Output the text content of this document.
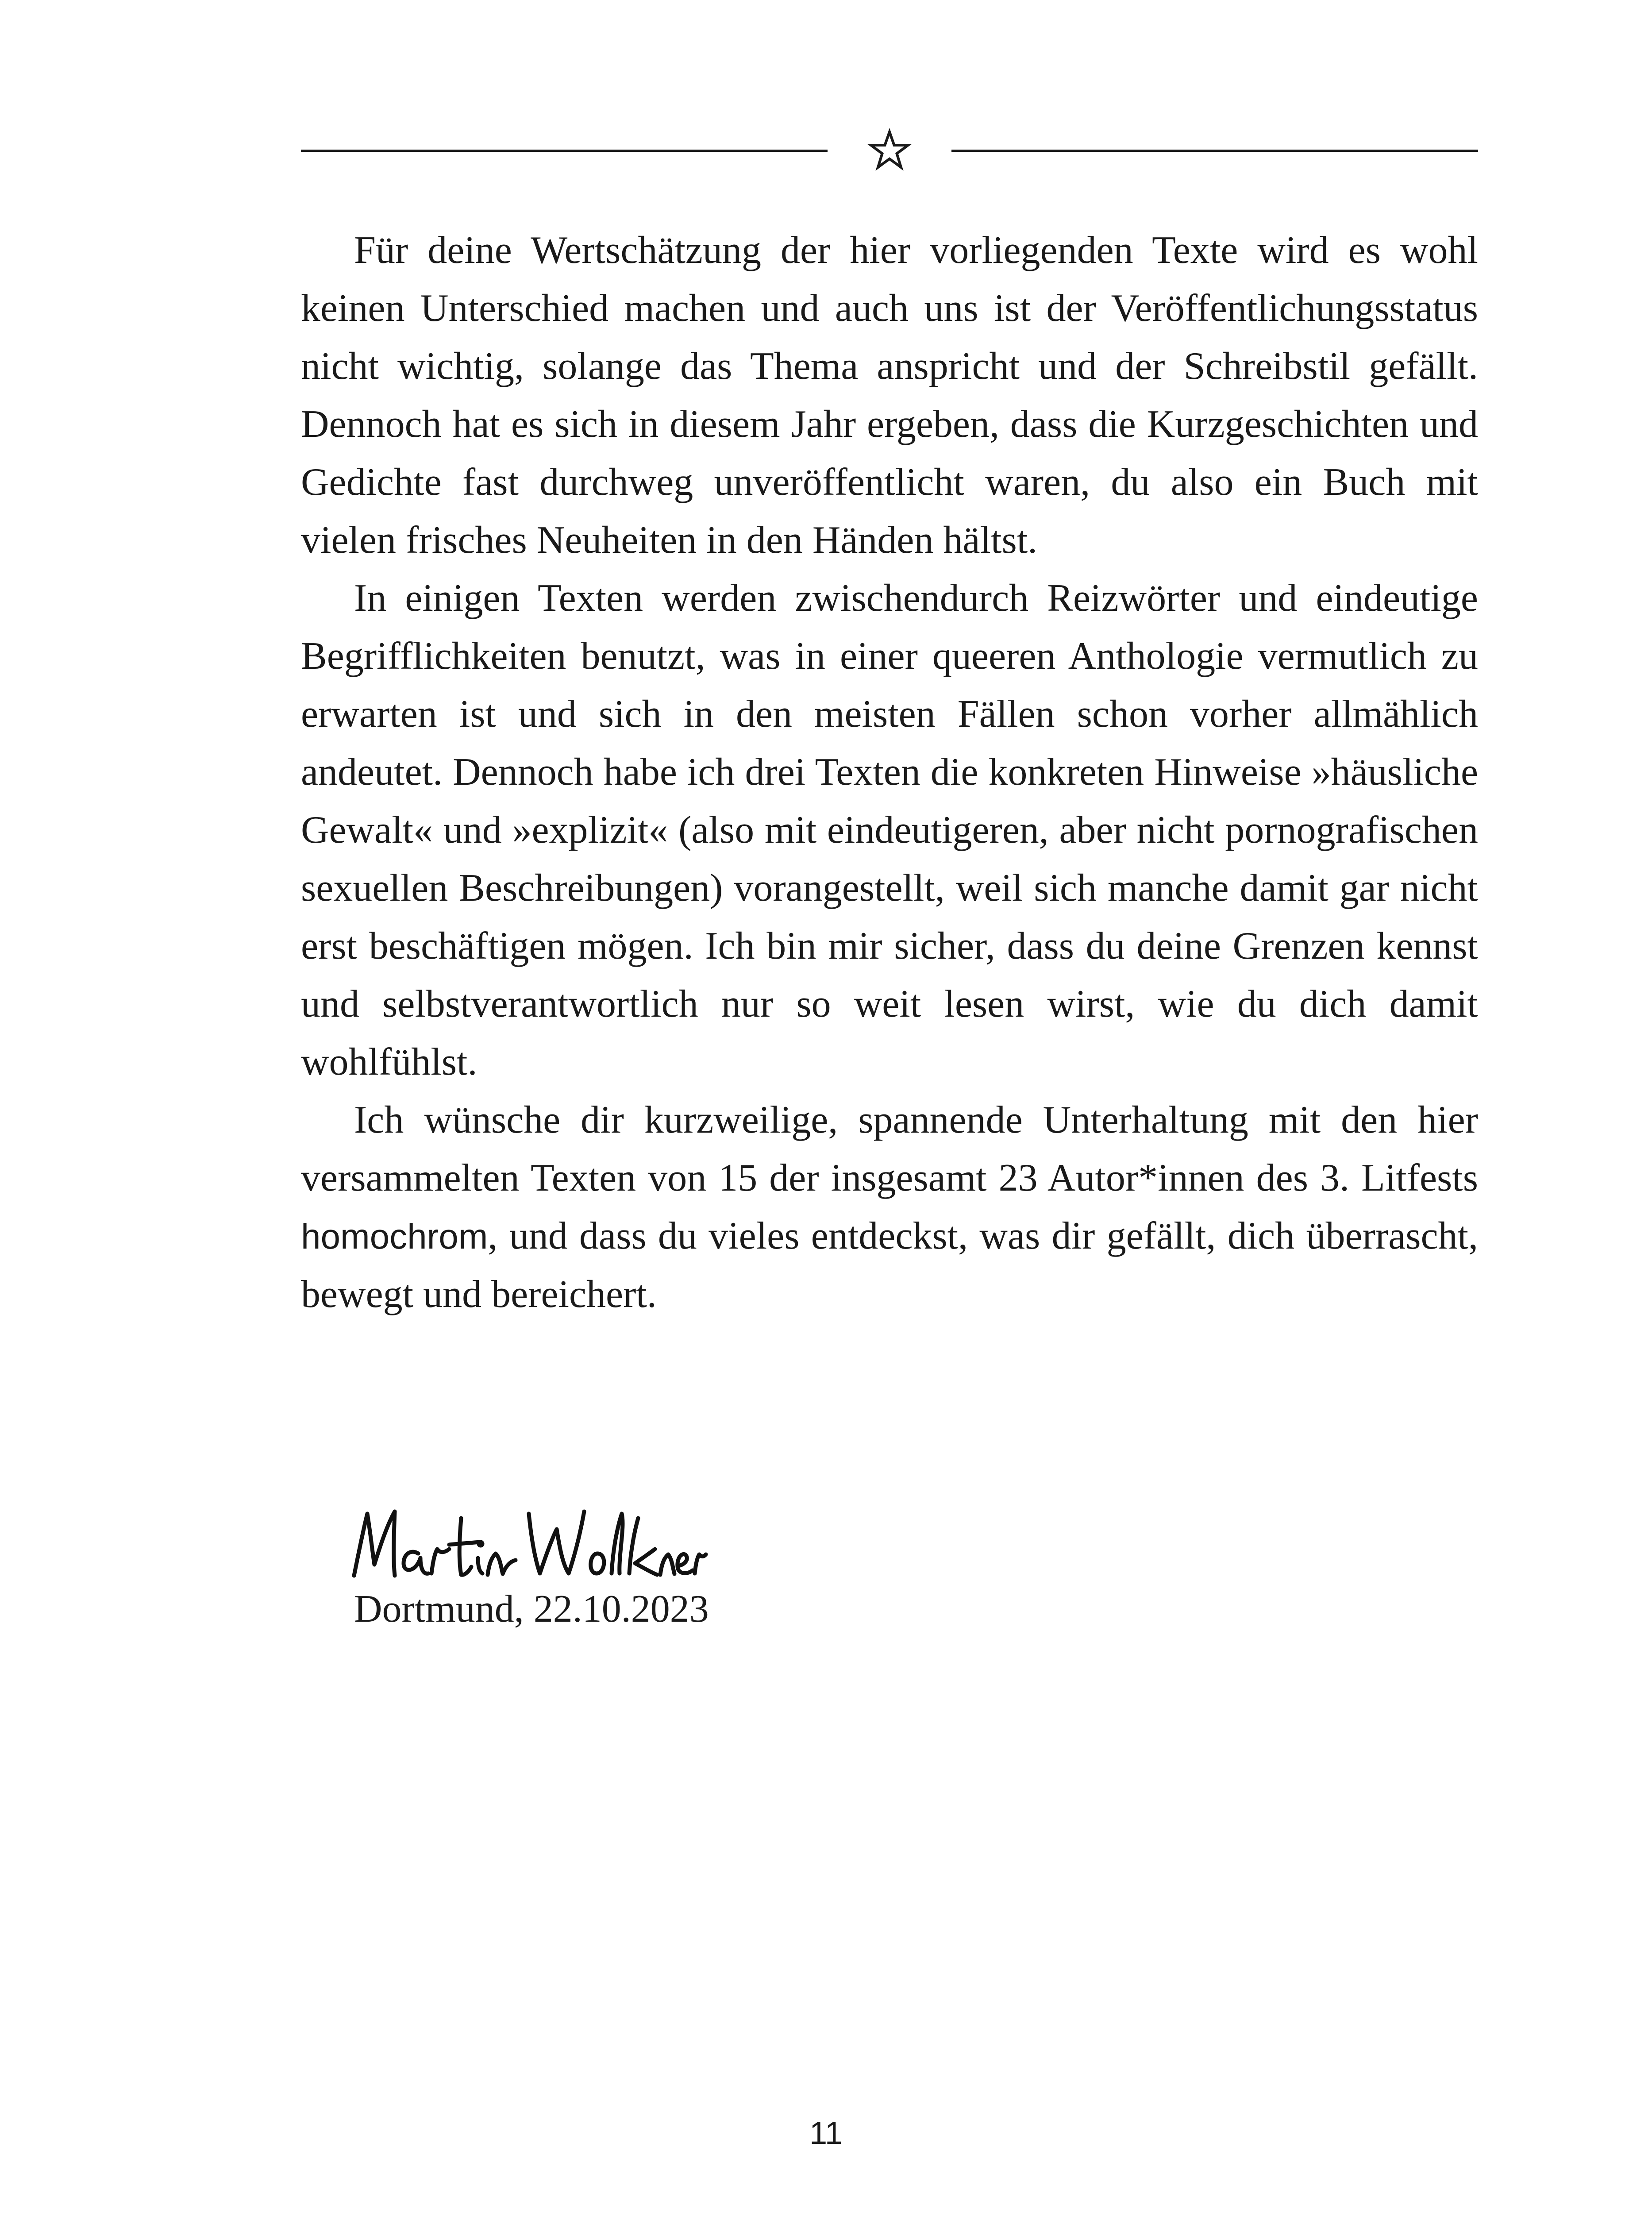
Für deine Wertschätzung der hier vorliegenden Texte wird es wohl keinen Unterschied machen und auch uns ist der Veröffentlichungsstatus nicht wichtig, solange das Thema anspricht und der Schreibstil gefällt. Dennoch hat es sich in diesem Jahr ergeben, dass die Kurzgeschichten und Gedichte fast durchweg unveröffentlicht waren, du also ein Buch mit vielen frisches Neuheiten in den Händen hältst.

In einigen Texten werden zwischendurch Reizwörter und eindeutige Begrifflichkeiten benutzt, was in einer queeren Anthologie vermutlich zu erwarten ist und sich in den meisten Fällen schon vorher allmählich andeutet. Dennoch habe ich drei Texten die konkreten Hinweise »häusliche Gewalt« und »explizit« (also mit eindeutigeren, aber nicht pornografischen sexuellen Beschreibungen) vorangestellt, weil sich manche damit gar nicht erst beschäftigen mögen. Ich bin mir sicher, dass du deine Grenzen kennst und selbstverantwortlich nur so weit lesen wirst, wie du dich damit wohlfühlst.

Ich wünsche dir kurzweilige, spannende Unterhaltung mit den hier versammelten Texten von 15 der insgesamt 23 Autor*innen des 3. Litfests homochrom, und dass du vieles entdeckst, was dir gefällt, dich überrascht, bewegt und bereichert.

Dortmund, 22.10.2023

11
